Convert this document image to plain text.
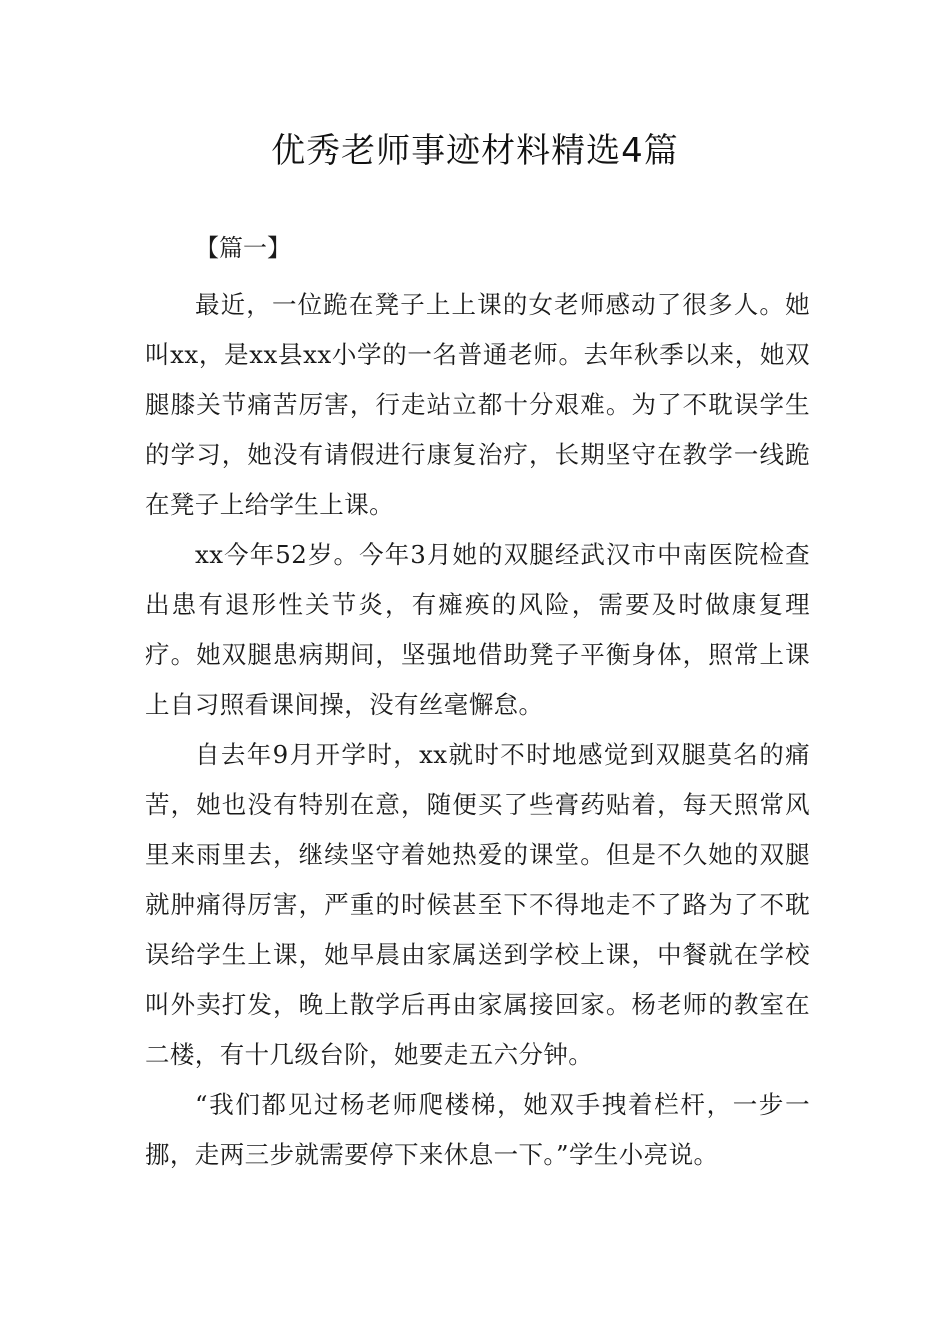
优秀老师事迹材料精选4篇

【篇一】

最近，一位跪在凳子上上课的女老师感动了很多人。她叫xx，是xx县xx小学的一名普通老师。去年秋季以来，她双腿膝关节痛苦厉害，行走站立都十分艰难。为了不耽误学生的学习，她没有请假进行康复治疗，长期坚守在教学一线跪在凳子上给学生上课。

xx今年52岁。今年3月她的双腿经武汉市中南医院检查出患有退形性关节炎，有瘫痪的风险，需要及时做康复理疗。她双腿患病期间，坚强地借助凳子平衡身体，照常上课上自习照看课间操，没有丝毫懈怠。

自去年9月开学时，xx就时不时地感觉到双腿莫名的痛苦，她也没有特别在意，随便买了些膏药贴着，每天照常风里来雨里去，继续坚守着她热爱的课堂。但是不久她的双腿就肿痛得厉害，严重的时候甚至下不得地走不了路为了不耽误给学生上课，她早晨由家属送到学校上课，中餐就在学校叫外卖打发，晚上散学后再由家属接回家。杨老师的教室在二楼，有十几级台阶，她要走五六分钟。

“我们都见过杨老师爬楼梯，她双手拽着栏杆，一步一挪，走两三步就需要停下来休息一下。”学生小亮说。
